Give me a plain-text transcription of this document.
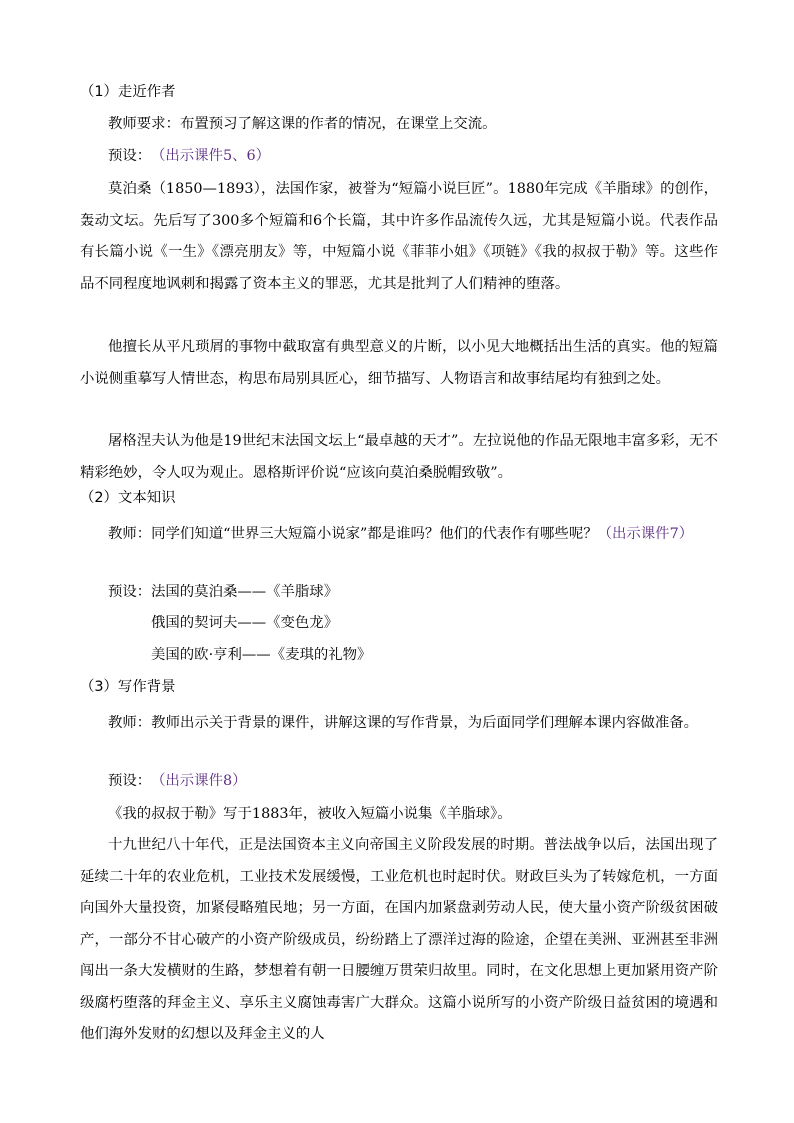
（1）走近作者
教师要求：布置预习了解这课的作者的情况，在课堂上交流。
预设： （出示课件5、6）
莫泊桑（1850—1893），法国作家，被誉为“短篇小说巨匠”。1880年完成《羊脂球》的创作，轰动文坛。先后写了300多个短篇和6个长篇，其中许多作品流传久远，尤其是短篇小说。代表作品有长篇小说《一生》《漂亮朋友》等，中短篇小说《菲菲小姐》《项链》《我的叔叔于勒》等。这些作品不同程度地讽刺和揭露了资本主义的罪恶，尤其是批判了人们精神的堕落。
他擅长从平凡琐屑的事物中截取富有典型意义的片断，以小见大地概括出生活的真实。他的短篇小说侧重摹写人情世态，构思布局别具匠心，细节描写、人物语言和故事结尾均有独到之处。
屠格涅夫认为他是19世纪末法国文坛上“最卓越的天才”。左拉说他的作品无限地丰富多彩，无不精彩绝妙，令人叹为观止。恩格斯评价说“应该向莫泊桑脱帽致敬”。
（2）文本知识
教师：同学们知道“世界三大短篇小说家”都是谁吗？他们的代表作有哪些呢？（出示课件7）
预设： 法国的莫泊桑——《羊脂球》
俄国的契诃夫——《变色龙》
美国的欧·亨利——《麦琪的礼物》
（3）写作背景
教师：教师出示关于背景的课件，讲解这课的写作背景，为后面同学们理解本课内容做准备。
预设： （出示课件8）
《我的叔叔于勒》写于1883年，被收入短篇小说集《羊脂球》。
十九世纪八十年代，正是法国资本主义向帝国主义阶段发展的时期。普法战争以后，法国出现了延续二十年的农业危机，工业技术发展缓慢，工业危机也时起时伏。财政巨头为了转嫁危机，一方面向国外大量投资，加紧侵略殖民地；另一方面，在国内加紧盘剥劳动人民，使大量小资产阶级贫困破产，一部分不甘心破产的小资产阶级成员，纷纷踏上了漂洋过海的险途，企望在美洲、亚洲甚至非洲闯出一条大发横财的生路，梦想着有朝一日腰缠万贯荣归故里。同时，在文化思想上更加紧用资产阶级腐朽堕落的拜金主义、享乐主义腐蚀毒害广大群众。这篇小说所写的小资产阶级日益贫困的境遇和他们海外发财的幻想以及拜金主义的人
